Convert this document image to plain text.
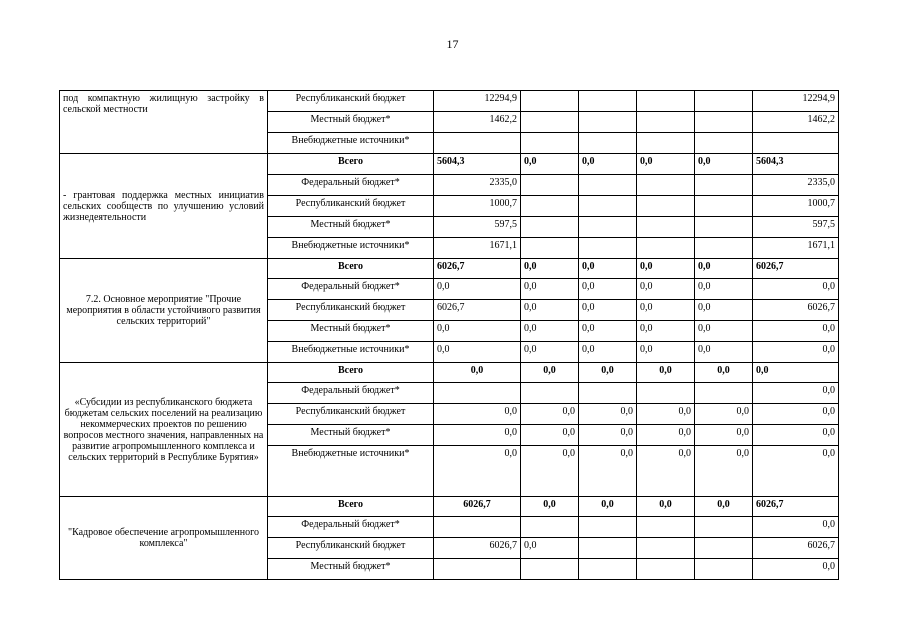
17
под компактную жилищную застройку в сельской местности	Республиканский бюджет	12294,9					12294,9
	Местный бюджет*	1462,2					1462,2
	Внебюджетные источники*						
- грантовая поддержка местных инициатив сельских сообществ по улучшению условий жизнедеятельности	Всего	5604,3	0,0	0,0	0,0	0,0	5604,3
	Федеральный бюджет*	2335,0					2335,0
	Республиканский бюджет	1000,7					1000,7
	Местный бюджет*	597,5					597,5
	Внебюджетные источники*	1671,1					1671,1
7.2. Основное мероприятие "Прочие мероприятия в области устойчивого развития сельских территорий"	Всего	6026,7	0,0	0,0	0,0	0,0	6026,7
	Федеральный бюджет*	0,0	0,0	0,0	0,0	0,0	0,0
	Республиканский бюджет	6026,7	0,0	0,0	0,0	0,0	6026,7
	Местный бюджет*	0,0	0,0	0,0	0,0	0,0	0,0
	Внебюджетные источники*	0,0	0,0	0,0	0,0	0,0	0,0
«Субсидии из республиканского бюджета бюджетам сельских поселений на реализацию некоммерческих проектов по решению вопросов местного значения, направленных на развитие агропромышленного комплекса и сельских территорий в Республике Бурятия»	Всего	0,0	0,0	0,0	0,0	0,0	0,0
	Федеральный бюджет*						0,0
	Республиканский бюджет	0,0	0,0	0,0	0,0	0,0	0,0
	Местный бюджет*	0,0	0,0	0,0	0,0	0,0	0,0
	Внебюджетные источники*	0,0	0,0	0,0	0,0	0,0	0,0
"Кадровое обеспечение агропромышленного комплекса"	Всего	6026,7	0,0	0,0	0,0	0,0	6026,7
	Федеральный бюджет*						0,0
	Республиканский бюджет	6026,7	0,0				6026,7
	Местный бюджет*						0,0
